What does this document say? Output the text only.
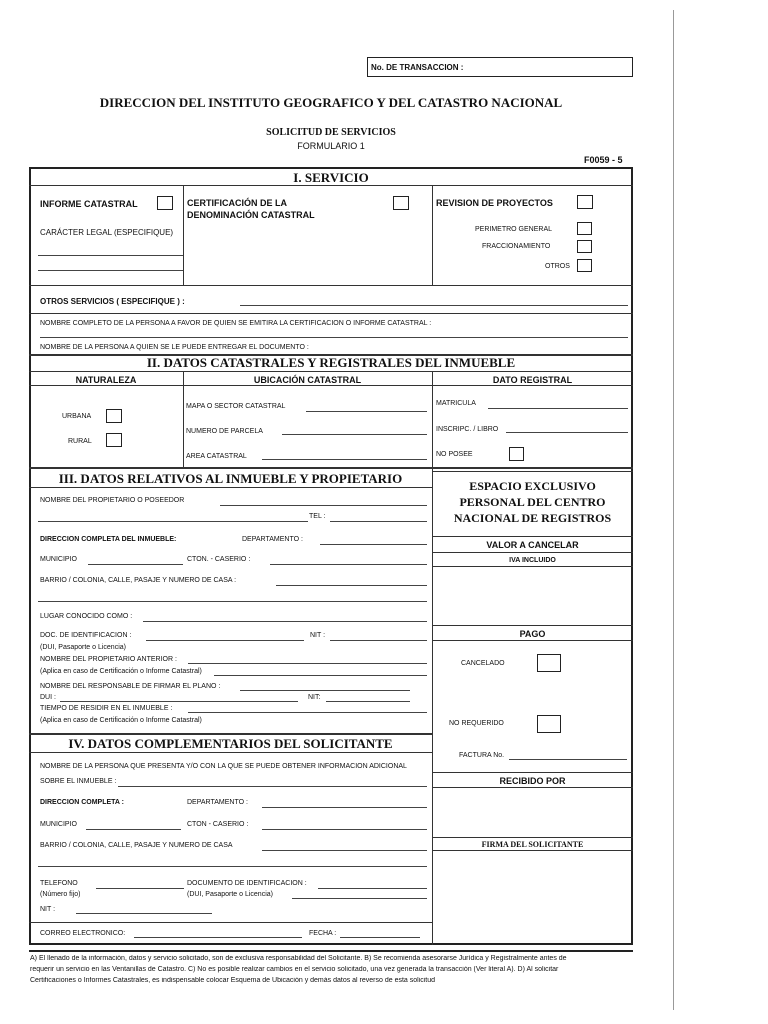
No. DE TRANSACCION :
DIRECCION DEL INSTITUTO GEOGRAFICO Y DEL CATASTRO NACIONAL
SOLICITUD DE SERVICIOS
FORMULARIO 1
F0059 - 5
I. SERVICIO
INFORME CATASTRAL
CARÁCTER LEGAL (ESPECIFIQUE)
CERTIFICACIÓN DE LA
DENOMINACIÓN CATASTRAL
REVISION DE PROYECTOS
PERIMETRO GENERAL
FRACCIONAMIENTO
OTROS
OTROS SERVICIOS ( ESPECIFIQUE ) :
NOMBRE COMPLETO DE LA PERSONA A FAVOR DE QUIEN SE EMITIRA LA CERTIFICACION O INFORME CATASTRAL :
NOMBRE DE LA PERSONA A QUIEN SE LE PUEDE ENTREGAR EL DOCUMENTO :
II. DATOS CATASTRALES Y REGISTRALES DEL INMUEBLE
NATURALEZA	UBICACIÓN CATASTRAL	DATO REGISTRAL
URBANA
RURAL
MAPA O SECTOR CATASTRAL
NUMERO DE PARCELA
AREA CATASTRAL
MATRICULA
INSCRIPC. / LIBRO
NO POSEE
III. DATOS RELATIVOS AL INMUEBLE Y PROPIETARIO
NOMBRE DEL PROPIETARIO O POSEEDOR
TEL :
DIRECCION COMPLETA DEL INMUEBLE:	DEPARTAMENTO :
MUNICIPIO	CTON. - CASERIO :
BARRIO / COLONIA, CALLE, PASAJE Y NUMERO DE CASA :
LUGAR CONOCIDO COMO :
DOC. DE IDENTIFICACION :	NIT :
(DUI, Pasaporte o Licencia)
NOMBRE DEL PROPIETARIO ANTERIOR :
(Aplica en caso de Certificación o Informe Catastral)
NOMBRE DEL RESPONSABLE DE FIRMAR EL PLANO :
DUI :	NIT:
TIEMPO DE RESIDIR EN EL INMUEBLE :
(Aplica en caso de Certificación o Informe Catastral)
ESPACIO EXCLUSIVO
PERSONAL DEL CENTRO
NACIONAL DE REGISTROS
VALOR A CANCELAR
IVA INCLUIDO
PAGO
CANCELADO
NO REQUERIDO
FACTURA No.
RECIBIDO POR
FIRMA DEL SOLICITANTE
IV. DATOS COMPLEMENTARIOS DEL SOLICITANTE
NOMBRE DE LA PERSONA QUE PRESENTA Y/O CON LA QUE SE PUEDE OBTENER INFORMACION ADICIONAL
SOBRE EL INMUEBLE :
DIRECCION COMPLETA :	DEPARTAMENTO :
MUNICIPIO	CTON - CASERIO :
BARRIO / COLONIA, CALLE, PASAJE Y NUMERO DE CASA
TELEFONO
(Número fijo)
DOCUMENTO DE IDENTIFICACION :
(DUI, Pasaporte o Licencia)
NIT :
CORREO ELECTRONICO:	FECHA :
A) El llenado de la información, datos y servicio solicitado, son de exclusiva responsabilidad del Solicitante. B) Se recomienda asesorarse Jurídica y Registralmente antes de
requerir un servicio en las Ventanillas de Catastro. C) No es posible realizar cambios en el servicio solicitado, una vez generada la transacción (Ver literal A). D) Al solicitar
Certificaciones o Informes Catastrales, es indispensable colocar Esquema de Ubicación y demás datos al reverso de esta solicitud
